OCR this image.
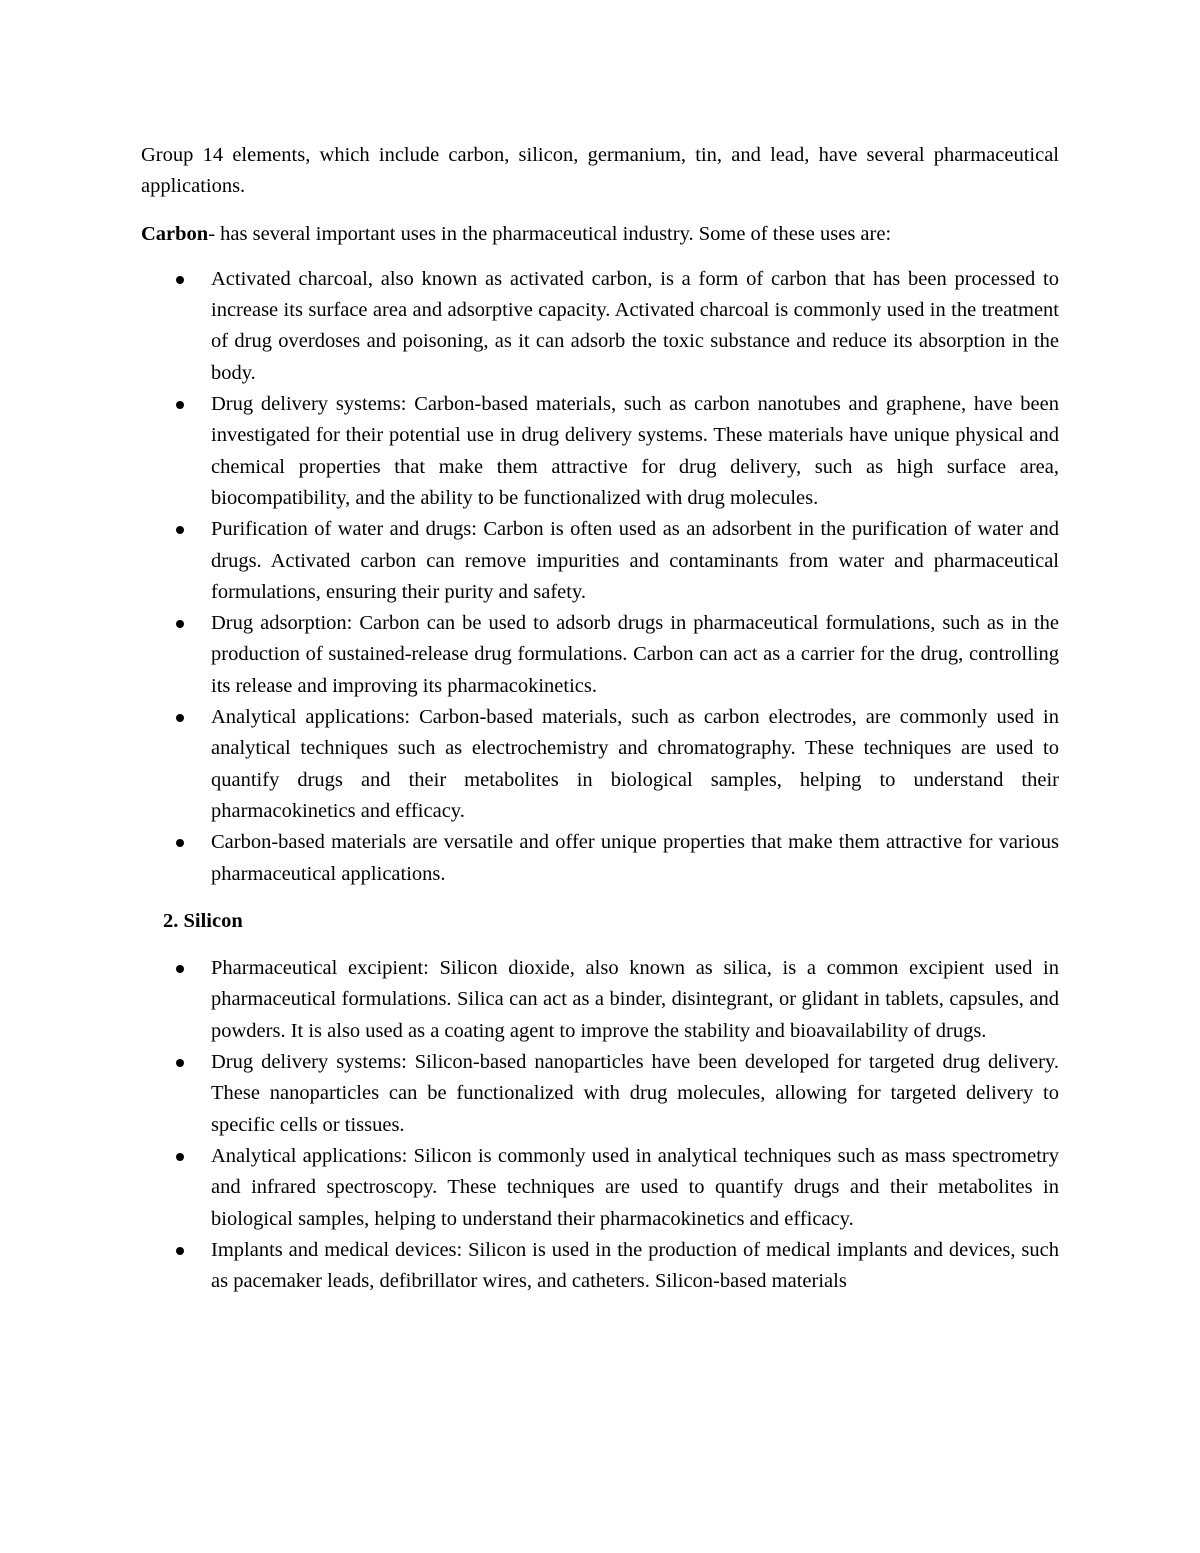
Group 14 elements, which include carbon, silicon, germanium, tin, and lead, have several pharmaceutical applications.

Carbon- has several important uses in the pharmaceutical industry. Some of these uses are:

Activated charcoal, also known as activated carbon, is a form of carbon that has been processed to increase its surface area and adsorptive capacity. Activated charcoal is commonly used in the treatment of drug overdoses and poisoning, as it can adsorb the toxic substance and reduce its absorption in the body.
Drug delivery systems: Carbon-based materials, such as carbon nanotubes and graphene, have been investigated for their potential use in drug delivery systems. These materials have unique physical and chemical properties that make them attractive for drug delivery, such as high surface area, biocompatibility, and the ability to be functionalized with drug molecules.
Purification of water and drugs: Carbon is often used as an adsorbent in the purification of water and drugs. Activated carbon can remove impurities and contaminants from water and pharmaceutical formulations, ensuring their purity and safety.
Drug adsorption: Carbon can be used to adsorb drugs in pharmaceutical formulations, such as in the production of sustained-release drug formulations. Carbon can act as a carrier for the drug, controlling its release and improving its pharmacokinetics.
Analytical applications: Carbon-based materials, such as carbon electrodes, are commonly used in analytical techniques such as electrochemistry and chromatography. These techniques are used to quantify drugs and their metabolites in biological samples, helping to understand their pharmacokinetics and efficacy.
Carbon-based materials are versatile and offer unique properties that make them attractive for various pharmaceutical applications.

2. Silicon

Pharmaceutical excipient: Silicon dioxide, also known as silica, is a common excipient used in pharmaceutical formulations. Silica can act as a binder, disintegrant, or glidant in tablets, capsules, and powders. It is also used as a coating agent to improve the stability and bioavailability of drugs.
Drug delivery systems: Silicon-based nanoparticles have been developed for targeted drug delivery. These nanoparticles can be functionalized with drug molecules, allowing for targeted delivery to specific cells or tissues.
Analytical applications: Silicon is commonly used in analytical techniques such as mass spectrometry and infrared spectroscopy. These techniques are used to quantify drugs and their metabolites in biological samples, helping to understand their pharmacokinetics and efficacy.
Implants and medical devices: Silicon is used in the production of medical implants and devices, such as pacemaker leads, defibrillator wires, and catheters. Silicon-based materials
